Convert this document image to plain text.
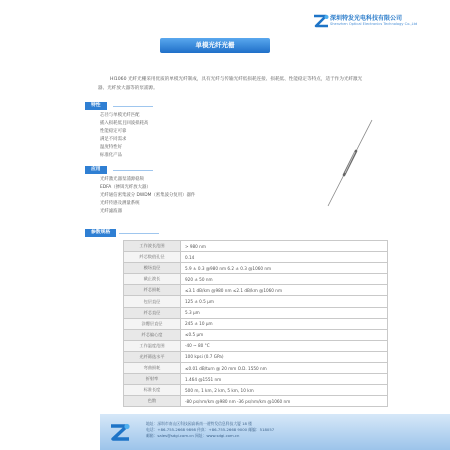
深圳特发光电科技有限公司
Shenzhen Optical Electronics Technology Co.,Ltd
单模光纤光栅
HI1060 光纤光栅采用优质的单模光纤制成，具有光纤与传输光纤低损耗连接、损耗低、性能稳定等特点，适于作为光纤激光器、光纤放大器等的泵浦源。
特性
芯径与单模光纤匹配
插入损耗低且回波损耗高
性能稳定可靠
满足不同需求
温度特性好
标准化产品
应用
光纤激光器泵浦源稳频
EDFA（掺铒光纤放大器）
光纤通信密集波分 DWDM（密集波分复用）器件
光纤传感及测量系统
光纤滤波器
参数规格
工作波长范围	> 980 nm
纤芯数值孔径	0.14
模场直径	5.9 ± 0.3 @980 nm 6.2 ± 0.3 @1060 nm
截止波长	920 ± 50 nm
纤芯损耗	≤3.1 dB/km @980 nm ≤2.1 dB/km @1060 nm
包层直径	125 ± 0.5 μm
纤芯直径	5.3 μm
涂覆层直径	245 ± 10 μm
纤芯偏心度	≤0.5 μm
工作温度范围	-40 ~ 80 °C
光纤筛选水平	100 kpsi (0.7 GPa)
弯曲损耗	≤0.01 dB/turn @ 20 mm O.D. 1550 nm
折射率	1.464 @1551 nm
标准长度	500 m, 1 km, 2 km, 5 km, 10 km
色散	-80 ps/nm/km @980 nm -36 ps/nm/km @1060 nm
地址：深圳市南山区科技园高新南一道特发信息科技大厦 18 楼
电话：+86-755-2668 9898 传真：+86-755-2668 9000 邮编：518057
邮箱：sales@sdgi.com.cn 网址：www.sdgi.com.cn
